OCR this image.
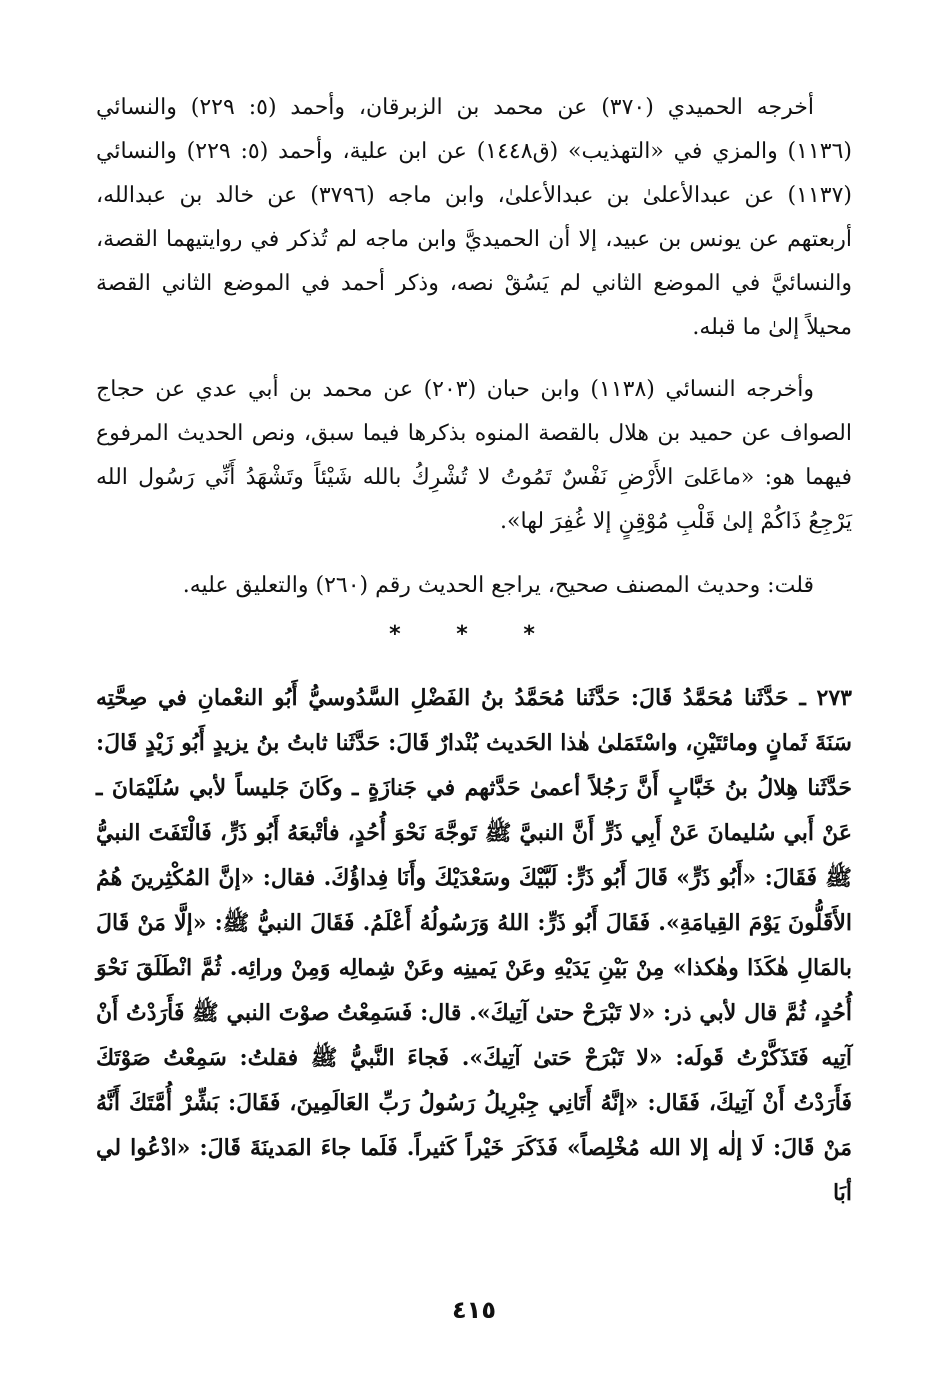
أخرجه الحميدي (٣٧٠) عن محمد بن الزبرقان، وأحمد (٥: ٢٢٩) والنسائي (١١٣٦) والمزي في «التهذيب» (ق١٤٤٨) عن ابن علية، وأحمد (٥: ٢٢٩) والنسائي (١١٣٧) عن عبدالأعلىٰ بن عبدالأعلىٰ، وابن ماجه (٣٧٩٦) عن خالد بن عبدالله، أربعتهم عن يونس بن عبيد، إلا أن الحميديَّ وابن ماجه لم تُذكر في روايتيهما القصة، والنسائيَّ في الموضع الثاني لم يَسُقْ نصه، وذكر أحمد في الموضع الثاني القصة محيلاً إلىٰ ما قبله.

وأخرجه النسائي (١١٣٨) وابن حبان (٢٠٣) عن محمد بن أبي عدي عن حجاج الصواف عن حميد بن هلال بالقصة المنوه بذكرها فيما سبق، ونص الحديث المرفوع فيهما هو: «ماعَلىَ الأَرْضِ نَفْسٌ تَمُوتُ لا تُشْرِكُ بالله شَيْئاً وتَشْهَدُ أَنِّي رَسُول الله يَرْجِعُ ذَاكُمْ إلىٰ قَلْبِ مُوْقِنٍ إلا غُفِرَ لها».

قلت: وحديث المصنف صحيح، يراجع الحديث رقم (٢٦٠) والتعليق عليه.

* * *

٢٧٣ ـ حَدَّثَنا مُحَمَّدُ قَالَ: حَدَّثَنا مُحَمَّدُ بنُ الفَضْلِ السَّدُوسيُّ أَبُو النعْمانِ في صِحَّتِه سَنَةَ ثَمانٍ ومائتَيْنِ، واسْتَمَلىٰ هٰذا الحَديث بُنْدارٌ قَالَ: حَدَّثَنا ثابتُ بنُ يزيدٍ أَبُو زَيْدٍ قَالَ: حَدَّثَنا هِلالُ بنُ خَبَّابٍ أَنَّ رَجُلاً أعمىٰ حَدَّثهم في جَنازَةٍ ـ وكَانَ جَليساً لأبي سُلَيْمَانَ ـ عَنْ أَبي سُليمانَ عَنْ أَبِي ذَرٍّ أَنَّ النبيَّ ﷺ تَوجَّهَ نَحْوَ أُحُدٍ، فأتْبعَهُ أَبُو ذَرٍّ، فَالْتَفَتَ النبيُّ ﷺ فَقَالَ: «أَبُو ذَرٍّ» قَالَ أَبُو ذَرٍّ: لَبَّيْكَ وسَعْدَيْكَ وأَنَا فِداؤُكَ. فقال: «إنَّ المُكْثِرينَ هُمُ الأَقَلُّونَ يَوْمَ القِيامَةِ». فَقَالَ أَبُو ذَرٍّ: اللهُ وَرَسُولُهُ أَعْلَمُ. فَقَالَ النبيُّ ﷺ: «إلَّا مَنْ قَالَ بالمَالِ هٰكَذَا وهٰكذا» مِنْ بَيْنِ يَدَيْهِ وعَنْ يَمينِه وعَنْ شِمالِه وَمِنْ ورائِه. ثُمَّ انْطَلَقَ نَحْوَ أُحُدٍ، ثُمَّ قال لأبي ذر: «لا تَبْرَحْ حتىٰ آتِيكَ». قال: فَسَمِعْتُ صوْتَ النبي ﷺ فَأَرَدْتُ أَنْ آتِيه فَتَذَكَّرْتُ قَولَه: «لا تَبْرَحْ حَتىٰ آتِيكَ». فَجاءَ النَّبيُّ ﷺ فقلتُ: سَمِعْتُ صَوْتَكَ فَأَرَدْتُ أَنْ آتِيكَ، فَقَال: «إنَّهُ أَتَانِي جِبْرِيلُ رَسُولُ رَبِّ العَالَمِينَ، فَقَالَ: بَشِّرْ أُمَّتَكَ أَنَّهُ مَنْ قَالَ: لَا إلٰه إلا الله مُخْلِصاً» فَذَكَرَ خَيْراً كَثيراً. فَلَما جاءَ المَدينَةَ قَالَ: «ادْعُوا لي أبَا

٤١٥
